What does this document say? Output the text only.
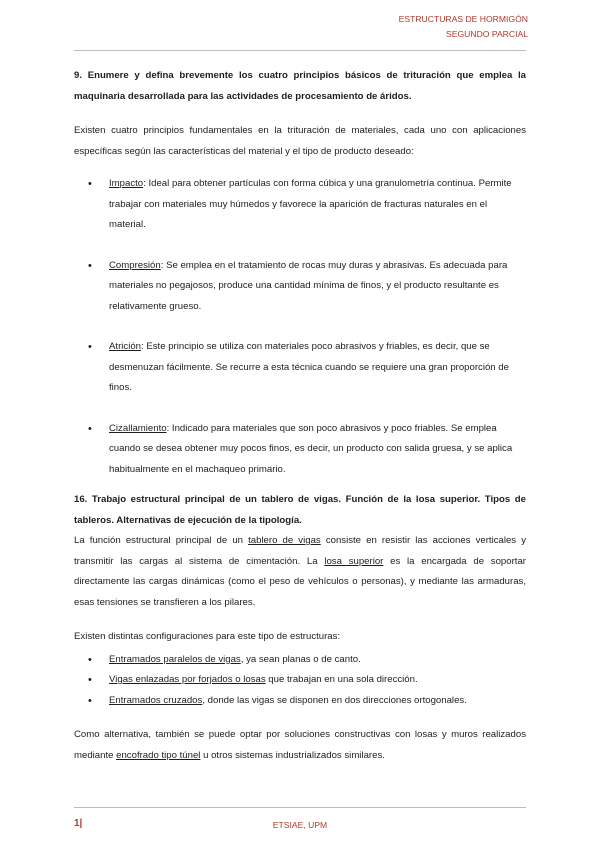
ESTRUCTURAS DE HORMIGÓN
SEGUNDO PARCIAL

9. Enumere y defina brevemente los cuatro principios básicos de trituración que emplea la maquinaria desarrollada para las actividades de procesamiento de áridos.

Existen cuatro principios fundamentales en la trituración de materiales, cada uno con aplicaciones específicas según las características del material y el tipo de producto deseado:

• Impacto: Ideal para obtener partículas con forma cúbica y una granulometría continua. Permite trabajar con materiales muy húmedos y favorece la aparición de fracturas naturales en el material.
• Compresión: Se emplea en el tratamiento de rocas muy duras y abrasivas. Es adecuada para materiales no pegajosos, produce una cantidad mínima de finos, y el producto resultante es relativamente grueso.
• Atrición: Este principio se utiliza con materiales poco abrasivos y friables, es decir, que se desmenuzan fácilmente. Se recurre a esta técnica cuando se requiere una gran proporción de finos.
• Cizallamiento: Indicado para materiales que son poco abrasivos y poco friables. Se emplea cuando se desea obtener muy pocos finos, es decir, un producto con salida gruesa, y se aplica habitualmente en el machaqueo primario.

16. Trabajo estructural principal de un tablero de vigas. Función de la losa superior. Tipos de tableros. Alternativas de ejecución de la tipología.

La función estructural principal de un tablero de vigas consiste en resistir las acciones verticales y transmitir las cargas al sistema de cimentación. La losa superior es la encargada de soportar directamente las cargas dinámicas (como el peso de vehículos o personas), y mediante las armaduras, esas tensiones se transfieren a los pilares.

Existen distintas configuraciones para este tipo de estructuras:

• Entramados paralelos de vigas, ya sean planas o de canto.
• Vigas enlazadas por forjados o losas que trabajan en una sola dirección.
• Entramados cruzados, donde las vigas se disponen en dos direcciones ortogonales.

Como alternativa, también se puede optar por soluciones constructivas con losas y muros realizados mediante encofrado tipo túnel u otros sistemas industrializados similares.

1|	ETSIAE, UPM
